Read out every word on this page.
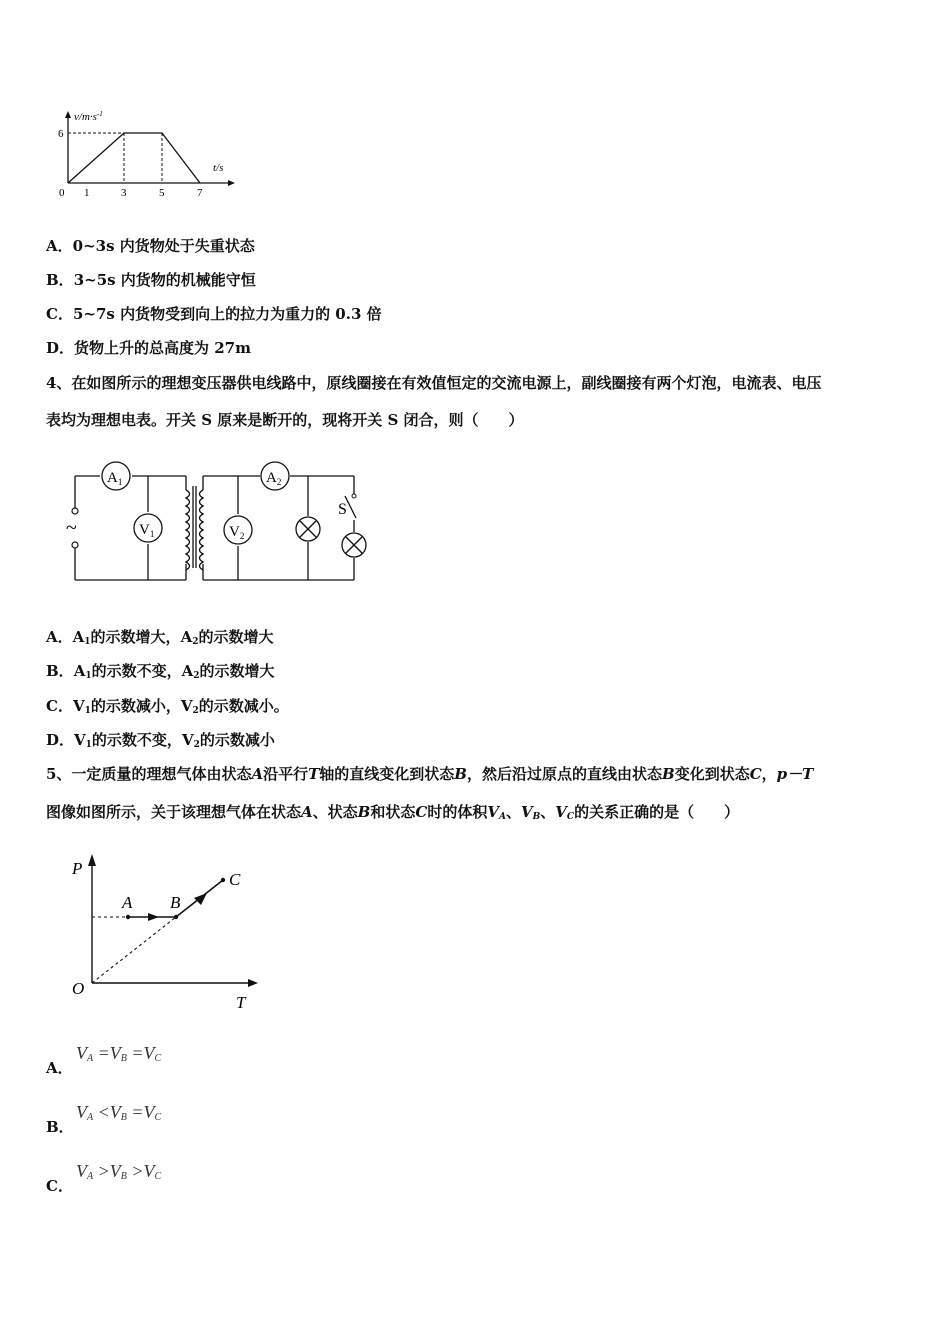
$v/m\cdot s^{-1}$
t/s
6
0 1	3	5	7
A．0~3s 内货物处于失重状态
B．3~5s 内货物的机械能守恒
C．5~7s 内货物受到向上的拉力为重力的 0.3 倍
D．货物上升的总高度为 27m
4、在如图所示的理想变压器供电线路中，原线圈接在有效值恒定的交流电源上，副线圈接有两个灯泡，电流表、电压
表均为理想电表。开关 S 原来是断开的，现将开关 S 闭合，则（　　）
~
$A_1$
$V_1$
$A_2$
$V_2$
S
A．$A_1$的示数增大，$A_2$的示数增大
B．$A_1$的示数不变，$A_2$的示数增大
C．$V_1$的示数减小，$V_2$的示数减小。
D．$V_1$的示数不变，$V_2$的示数减小
5、一定质量的理想气体由状态A沿平行T轴的直线变化到状态B，然后沿过原点的直线由状态B变化到状态C，p－T
图像如图所示，关于该理想气体在状态A、状态B和状态C时的体积$V_A$、$V_B$、$V_C$的关系正确的是（　　）
P
O
T
A B
C
A．
$V_A =V_B =V_C$
B．
$V_A <V_B =V_C$
C．
$V_A >V_B >V_C$
